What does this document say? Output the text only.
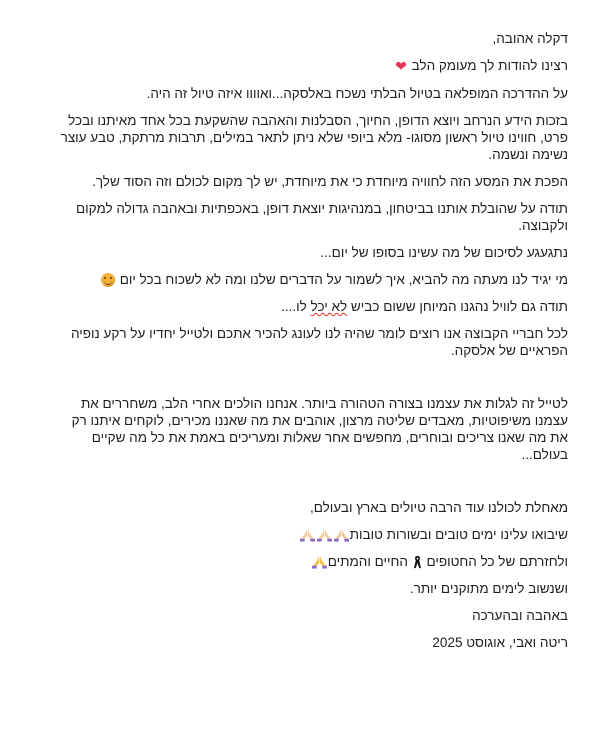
דקלה אהובה,

רצינו להודות לך מעומק הלב ❤

על ההדרכה המופלאה בטיול הבלתי נשכח באלסקה...ואוווו איזה טיול זה היה.

בזכות הידע הנרחב ויוצא הדופן, החיוך, הסבלנות והאהבה שהשקעת בכל אחד מאיתנו ובכל פרט, חווינו טיול ראשון מסוגו- מלא ביופי שלא ניתן לתאר במילים, תרבות מרתקת, טבע עוצר נשימה ונשמה.

הפכת את המסע הזה לחוויה מיוחדת כי את מיוחדת, יש לך מקום לכולם וזה הסוד שלך.

תודה על שהובלת אותנו בביטחון, במנהיגות יוצאת דופן, באכפתיות ובאהבה גדולה למקום ולקבוצה.

נתגעגע לסיכום של מה עשינו בסופו של יום...

מי יגיד לנו מעתה מה להביא, איך לשמור על הדברים שלנו ומה לא לשכוח בכל יום

תודה גם לוויל נהגנו המיוחן ששום כביש לא יכל לו....

לכל חבריי הקבוצה אנו רוצים לומר שהיה לנו לעונג להכיר אתכם ולטייל יחדיו על רקע נופיה הפראיים של אלסקה.

לטייל זה לגלות את עצמנו בצורה הטהורה ביותר. אנחנו הולכים אחרי הלב, משחררים את עצמנו משיפוטיות, מאבדים שליטה מרצון, אוהבים את מה שאננו מכירים, לוקחים איתנו רק את מה שאנו צריכים ובוחרים, מחפשים אחר שאלות ומעריכים באמת את כל מה שקיים בעולם...

מאחלת לכולנו עוד הרבה טיולים בארץ ובעולם,

שיבואו עלינו ימים טובים ובשורות טובות

ולחזרתם של כל החטופים  החיים והמתים

ושנשוב לימים מתוקנים יותר.

באהבה ובהערכה

ריטה ואבי, אוגוסט 2025
